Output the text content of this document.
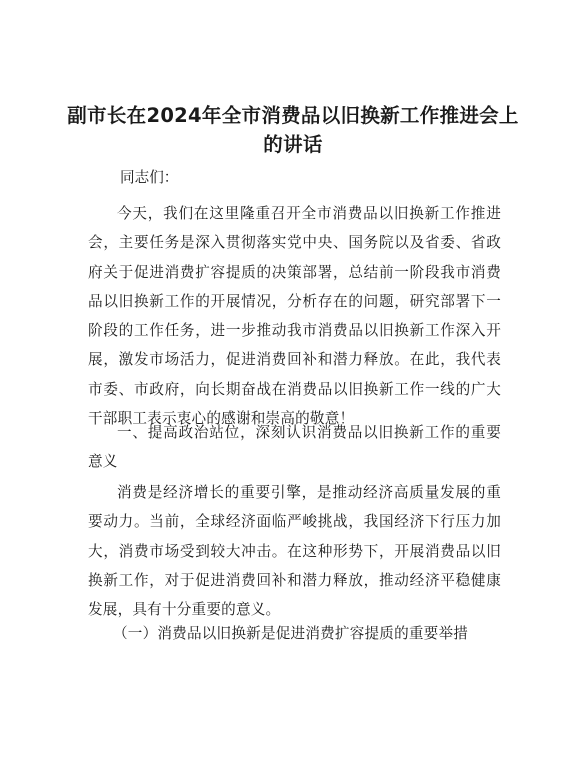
副市长在2024年全市消费品以旧换新工作推进会上的讲话

同志们：

今天，我们在这里隆重召开全市消费品以旧换新工作推进会，主要任务是深入贯彻落实党中央、国务院以及省委、省政府关于促进消费扩容提质的决策部署，总结前一阶段我市消费品以旧换新工作的开展情况，分析存在的问题，研究部署下一阶段的工作任务，进一步推动我市消费品以旧换新工作深入开展，激发市场活力，促进消费回补和潜力释放。在此，我代表市委、市政府，向长期奋战在消费品以旧换新工作一线的广大干部职工表示衷心的感谢和崇高的敬意！

一、提高政治站位，深刻认识消费品以旧换新工作的重要意义

消费是经济增长的重要引擎，是推动经济高质量发展的重要动力。当前，全球经济面临严峻挑战，我国经济下行压力加大，消费市场受到较大冲击。在这种形势下，开展消费品以旧换新工作，对于促进消费回补和潜力释放，推动经济平稳健康发展，具有十分重要的意义。

（一）消费品以旧换新是促进消费扩容提质的重要举措
